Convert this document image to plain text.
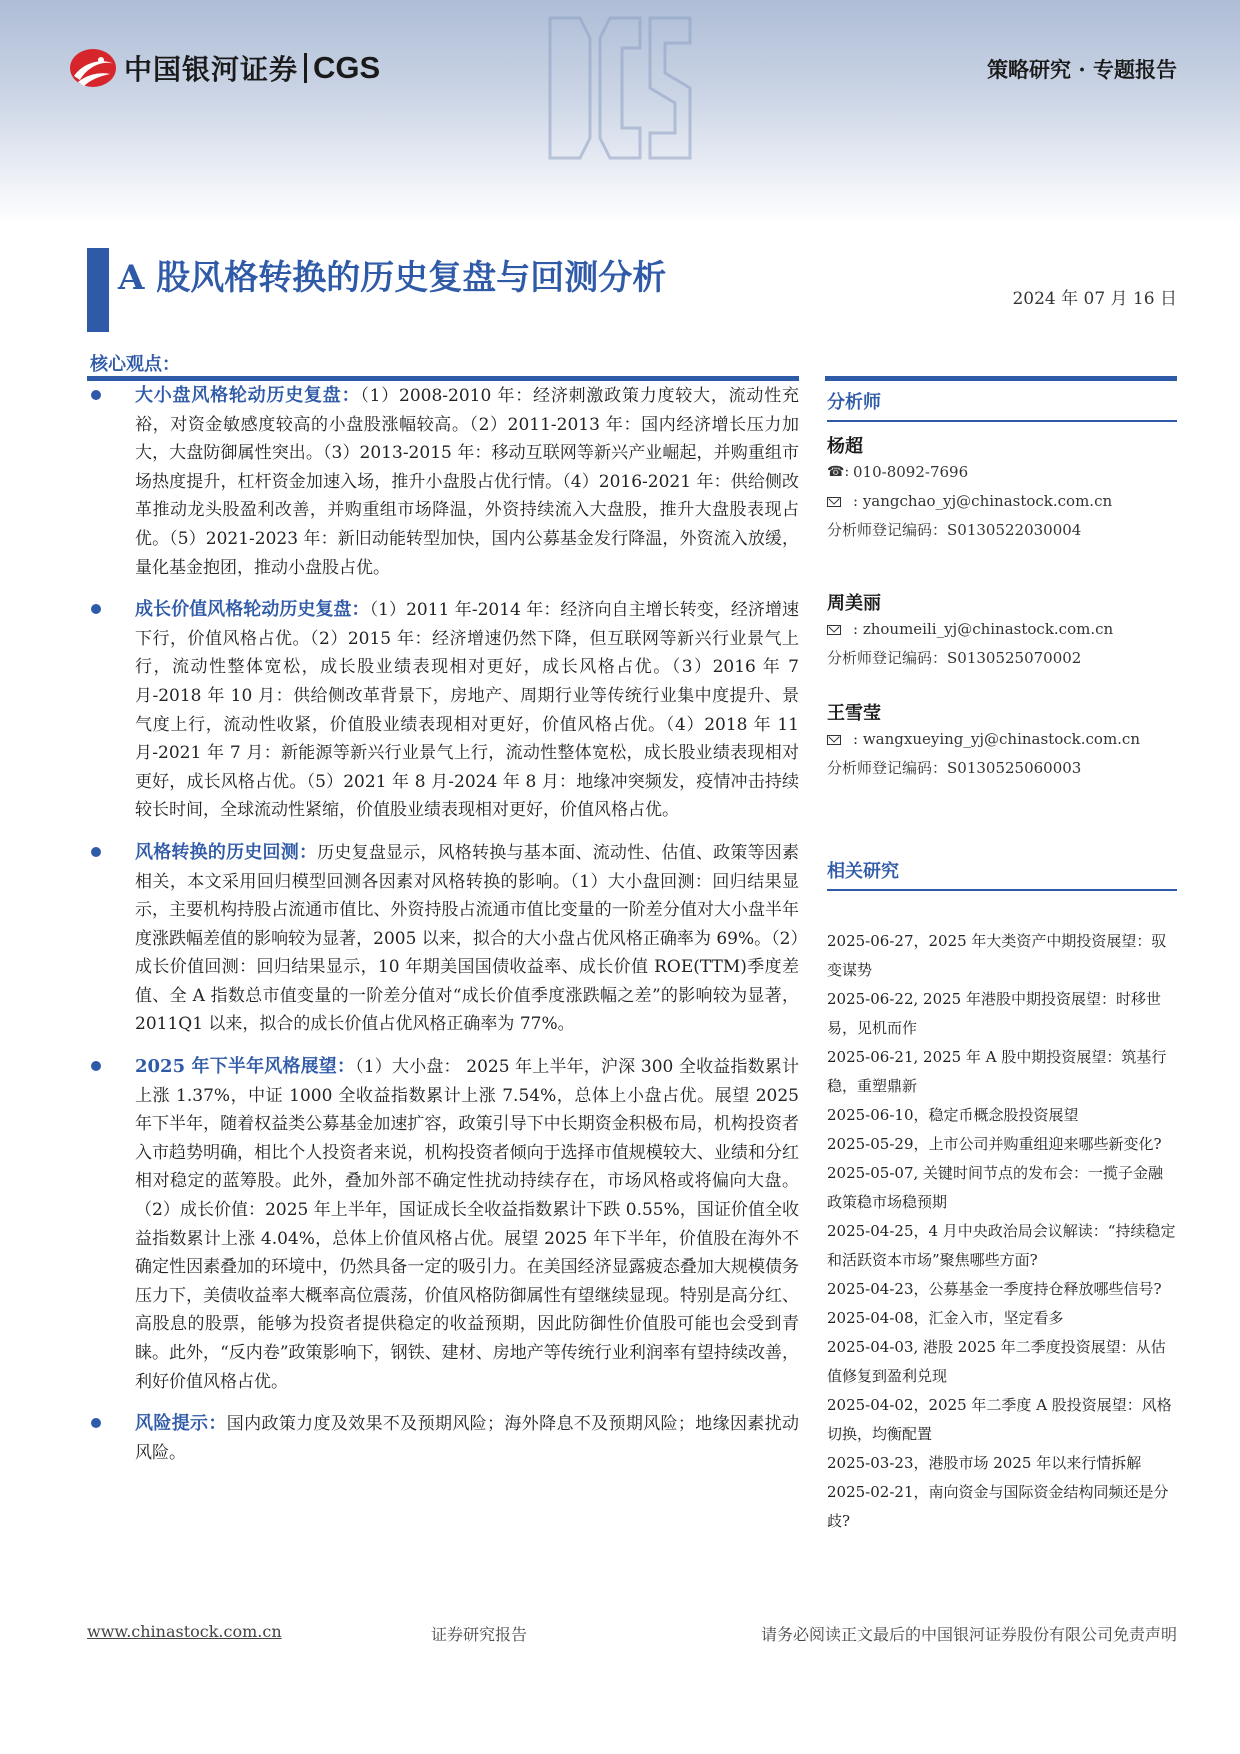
中国银河证券 CGS	策略研究 · 专题报告
A 股风格转换的历史复盘与回测分析
2024 年 07 月 16 日
核心观点：
大小盘风格轮动历史复盘：（1）2008-2010 年：经济刺激政策力度较大，流动性充裕，对资金敏感度较高的小盘股涨幅较高。（2）2011-2013 年：国内经济增长压力加大，大盘防御属性突出。（3）2013-2015 年：移动互联网等新兴产业崛起，并购重组市场热度提升，杠杆资金加速入场，推升小盘股占优行情。（4）2016-2021 年：供给侧改革推动龙头股盈利改善，并购重组市场降温，外资持续流入大盘股，推升大盘股表现占优。（5）2021-2023 年：新旧动能转型加快，国内公募基金发行降温，外资流入放缓，量化基金抱团，推动小盘股占优。
成长价值风格轮动历史复盘：（1）2011 年-2014 年：经济向自主增长转变，经济增速下行，价值风格占优。（2）2015 年：经济增速仍然下降，但互联网等新兴行业景气上行，流动性整体宽松，成长股业绩表现相对更好，成长风格占优。（3）2016 年 7 月-2018 年 10 月：供给侧改革背景下，房地产、周期行业等传统行业集中度提升、景气度上行，流动性收紧，价值股业绩表现相对更好，价值风格占优。（4）2018 年 11 月-2021 年 7 月：新能源等新兴行业景气上行，流动性整体宽松，成长股业绩表现相对更好，成长风格占优。（5）2021 年 8 月-2024 年 8 月：地缘冲突频发，疫情冲击持续较长时间，全球流动性紧缩，价值股业绩表现相对更好，价值风格占优。
风格转换的历史回测：历史复盘显示，风格转换与基本面、流动性、估值、政策等因素相关，本文采用回归模型回测各因素对风格转换的影响。（1）大小盘回测：回归结果显示，主要机构持股占流通市值比、外资持股占流通市值比变量的一阶差分值对大小盘半年度涨跌幅差值的影响较为显著，2005 以来，拟合的大小盘占优风格正确率为 69%。（2）成长价值回测：回归结果显示，10 年期美国国债收益率、成长价值 ROE(TTM)季度差值、全 A 指数总市值变量的一阶差分值对“成长价值季度涨跌幅之差”的影响较为显著，2011Q1 以来，拟合的成长价值占优风格正确率为 77%。
2025 年下半年风格展望：（1）大小盘： 2025 年上半年，沪深 300 全收益指数累计上涨 1.37%，中证 1000 全收益指数累计上涨 7.54%，总体上小盘占优。展望 2025 年下半年，随着权益类公募基金加速扩容，政策引导下中长期资金积极布局，机构投资者入市趋势明确，相比个人投资者来说，机构投资者倾向于选择市值规模较大、业绩和分红相对稳定的蓝筹股。此外，叠加外部不确定性扰动持续存在，市场风格或将偏向大盘。（2）成长价值：2025 年上半年，国证成长全收益指数累计下跌 0.55%，国证价值全收益指数累计上涨 4.04%，总体上价值风格占优。展望 2025 年下半年，价值股在海外不确定性因素叠加的环境中，仍然具备一定的吸引力。在美国经济显露疲态叠加大规模债务压力下，美债收益率大概率高位震荡，价值风格防御属性有望继续显现。特别是高分红、高股息的股票，能够为投资者提供稳定的收益预期，因此防御性价值股可能也会受到青睐。此外，“反内卷”政策影响下，钢铁、建材、房地产等传统行业利润率有望持续改善，利好价值风格占优。
风险提示：国内政策力度及效果不及预期风险；海外降息不及预期风险；地缘因素扰动风险。
分析师
杨超
☎: 010-8092-7696
: yangchao_yj@chinastock.com.cn
分析师登记编码：S0130522030004
周美丽
: zhoumeili_yj@chinastock.com.cn
分析师登记编码：S0130525070002
王雪莹
: wangxueying_yj@chinastock.com.cn
分析师登记编码：S0130525060003
相关研究
2025-06-27，2025 年大类资产中期投资展望：驭变谋势
2025-06-22, 2025 年港股中期投资展望：时移世易，见机而作
2025-06-21, 2025 年 A 股中期投资展望：筑基行稳，重塑鼎新
2025-06-10，稳定币概念股投资展望
2025-05-29，上市公司并购重组迎来哪些新变化?
2025-05-07, 关键时间节点的发布会：一揽子金融政策稳市场稳预期
2025-04-25，4 月中央政治局会议解读：“持续稳定和活跃资本市场”聚焦哪些方面?
2025-04-23，公募基金一季度持仓释放哪些信号?
2025-04-08，汇金入市，坚定看多
2025-04-03, 港股 2025 年二季度投资展望：从估值修复到盈利兑现
2025-04-02，2025 年二季度 A 股投资展望：风格切换，均衡配置
2025-03-23，港股市场 2025 年以来行情拆解
2025-02-21，南向资金与国际资金结构同频还是分歧?
www.chinastock.com.cn	证券研究报告	请务必阅读正文最后的中国银河证券股份有限公司免责声明
